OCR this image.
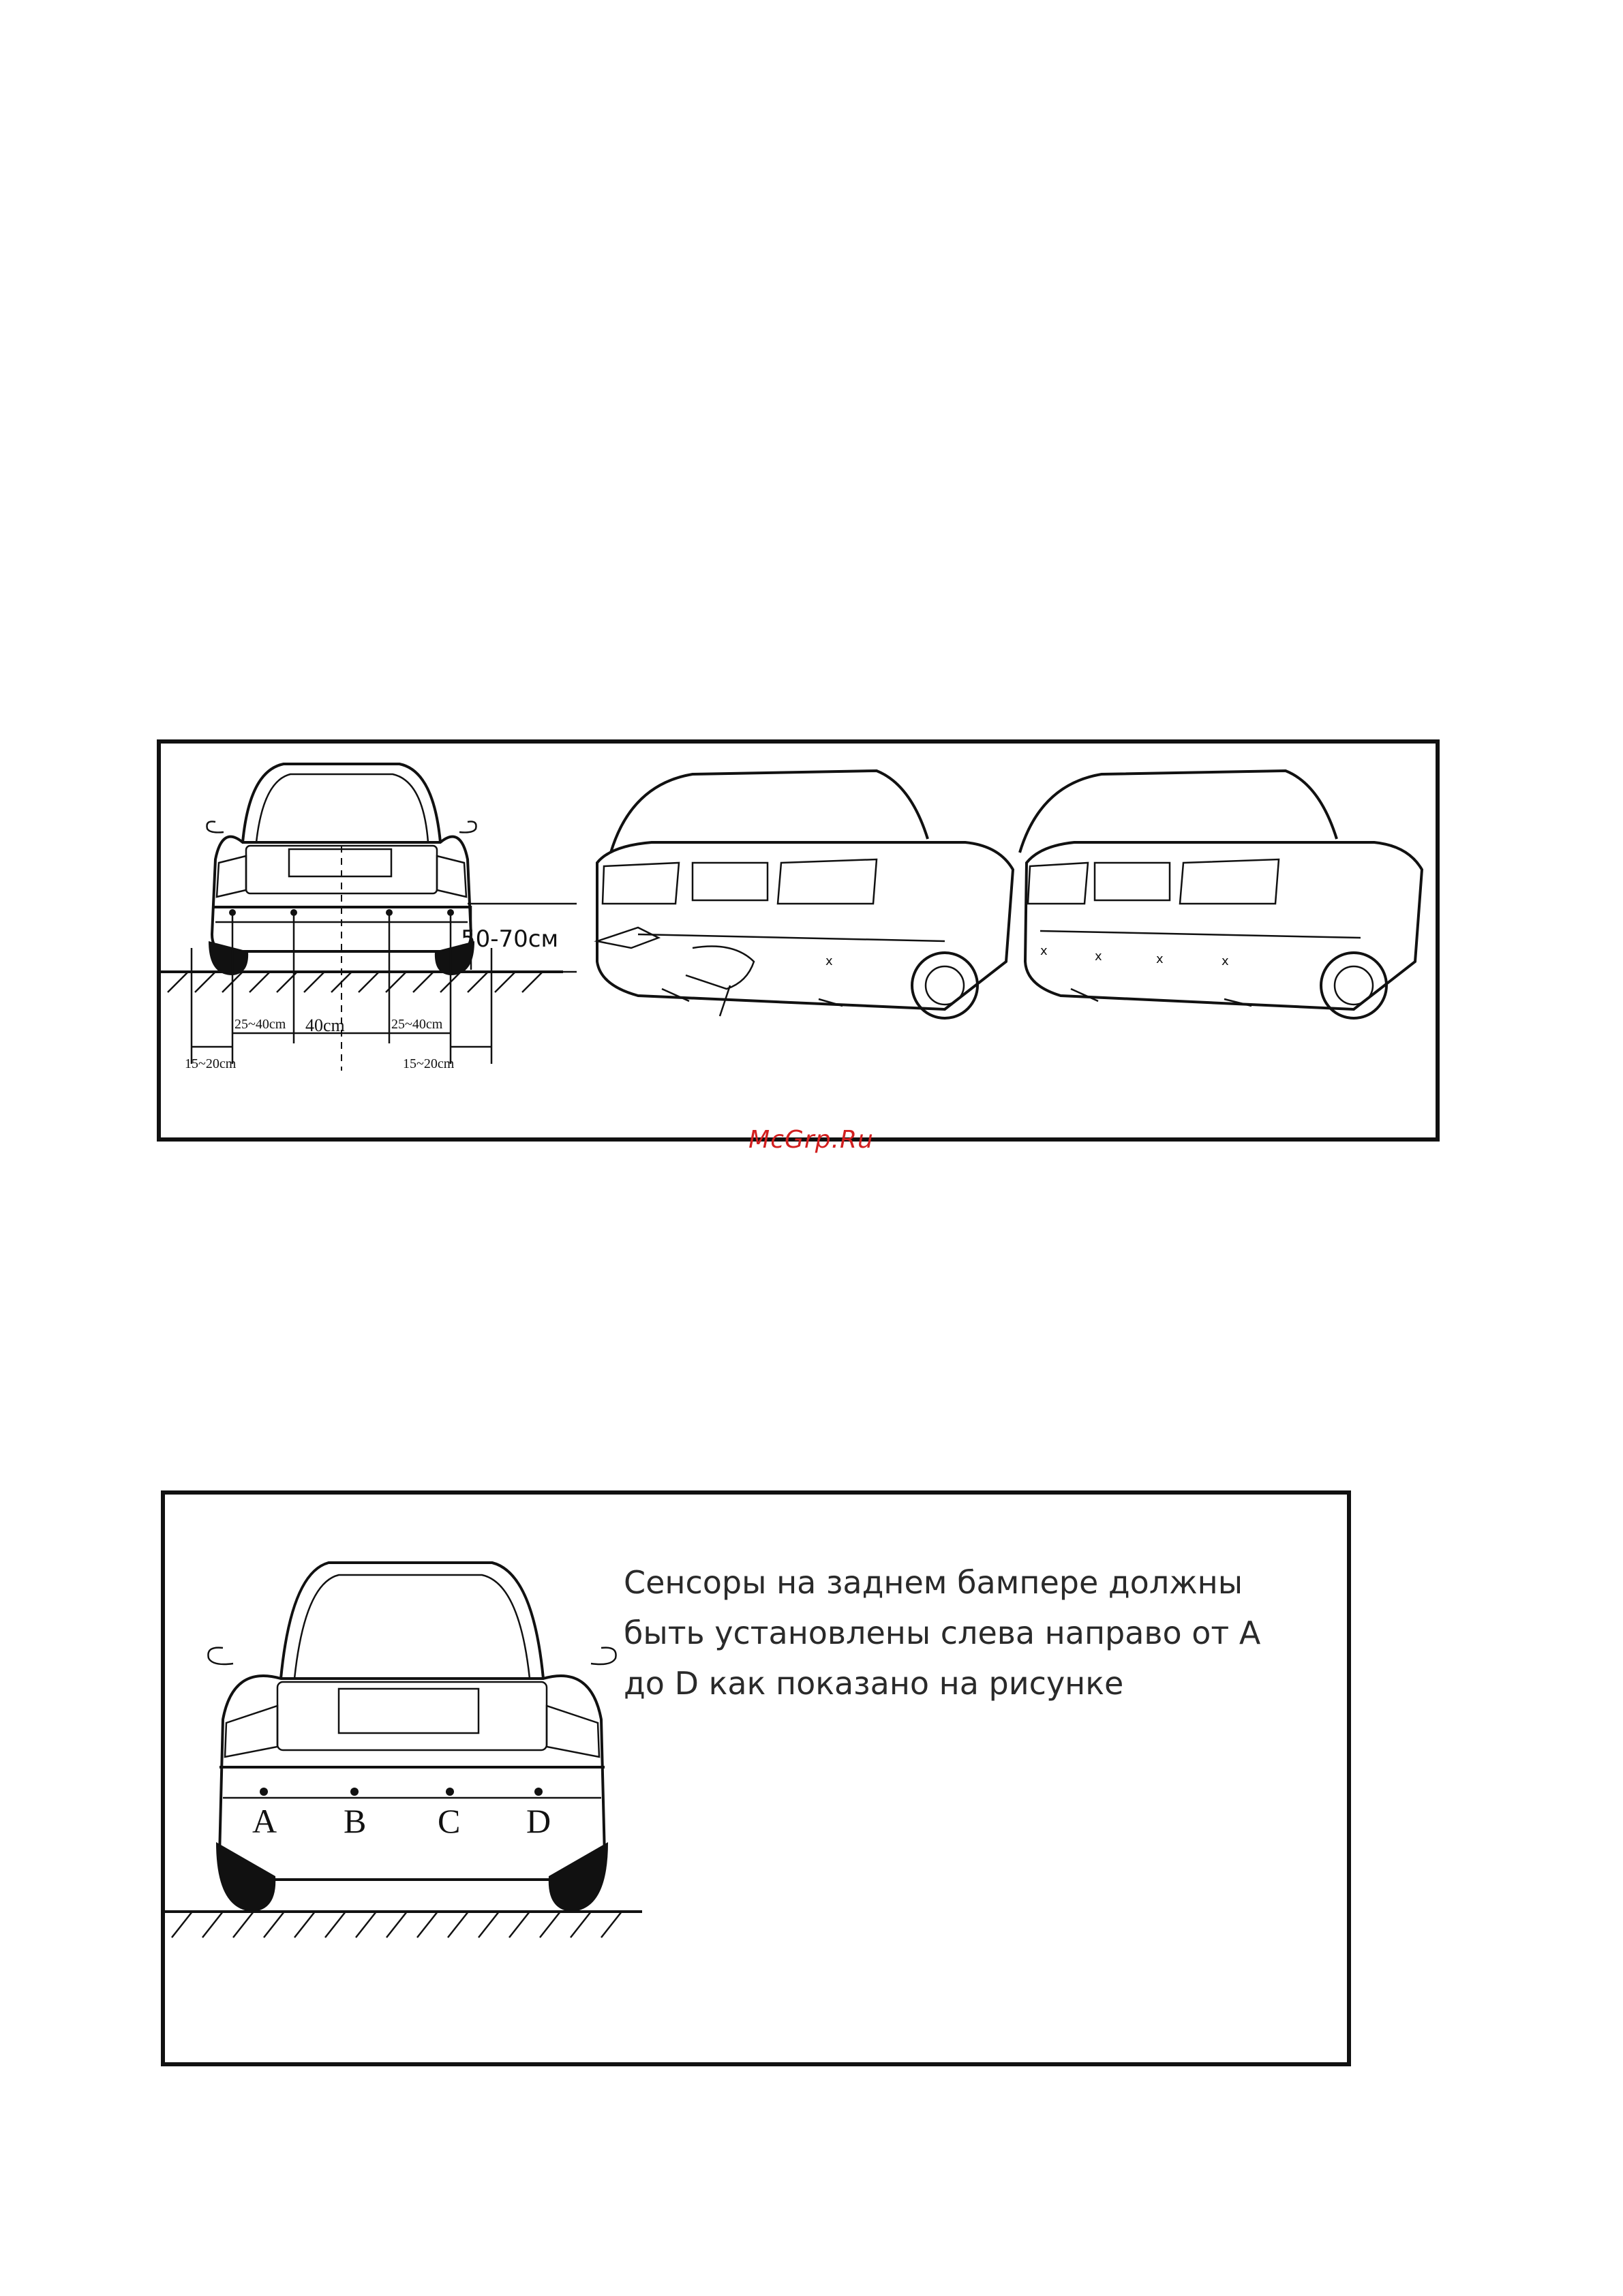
50-70см
25~40cm 40cm	25~40cm
15~20cm	15~20cm
x
x	x	x	x
McGrp.Ru
A B C D
Сенсоры на заднем бампере должны
быть установлены слева направо от A
до D как показано на рисунке
